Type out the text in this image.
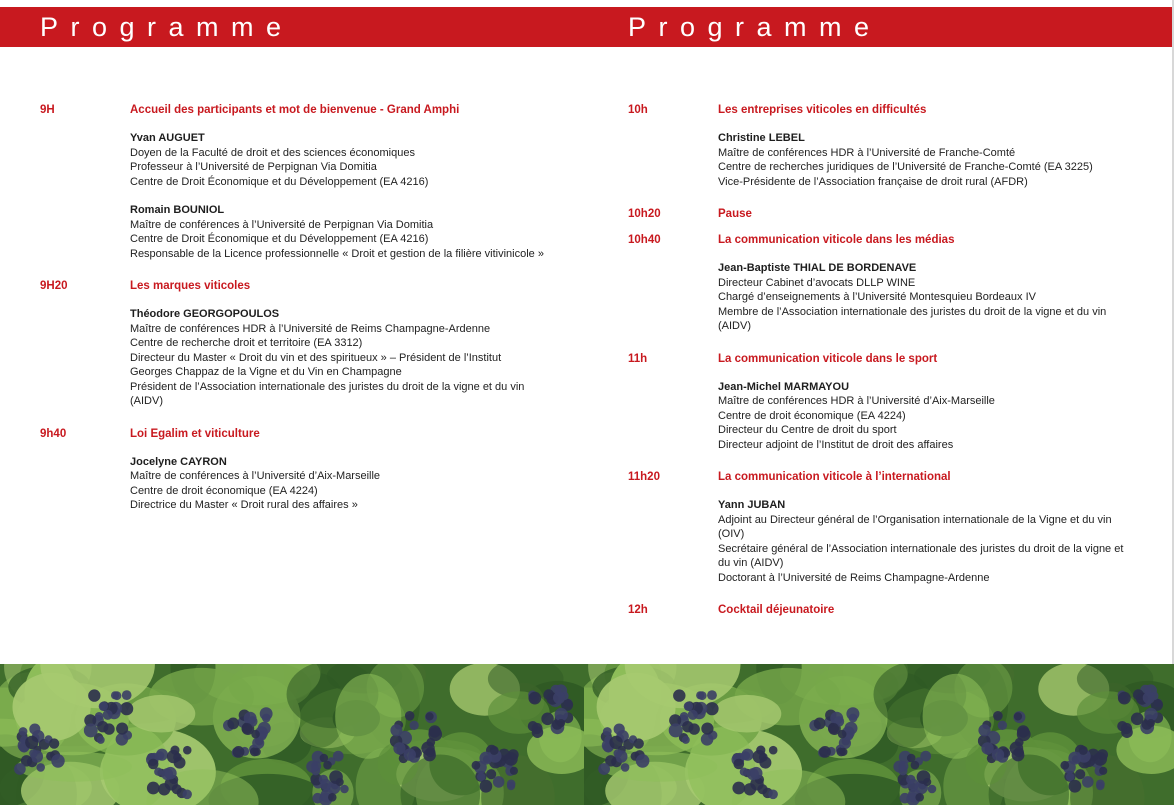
Programme
9H	Accueil des participants et mot de bienvenue - Grand Amphi
Yvan AUGUET
Doyen de la Faculté de droit et des sciences économiques
Professeur à l’Université de Perpignan Via Domitia
Centre de Droit Économique et du Développement (EA 4216)
Romain BOUNIOL
Maître de conférences à l’Université de Perpignan Via Domitia
Centre de Droit Économique et du Développement (EA 4216)
Responsable de la Licence professionnelle « Droit et gestion de la filière vitivinicole »
9H20	Les marques viticoles
Théodore GEORGOPOULOS
Maître de conférences HDR à l’Université de Reims Champagne-Ardenne
Centre de recherche droit et territoire (EA 3312)
Directeur du Master « Droit du vin et des spiritueux » – Président de l’Institut
Georges Chappaz de la Vigne et du Vin en Champagne
Président de l’Association internationale des juristes du droit de la vigne et du vin (AIDV)
9h40	Loi Egalim et viticulture
Jocelyne CAYRON
Maître de conférences à l’Université d’Aix-Marseille
Centre de droit économique (EA 4224)
Directrice du Master « Droit rural des affaires »
Programme
10h	Les entreprises viticoles en difficultés
Christine LEBEL
Maître de conférences HDR à l’Université de Franche-Comté
Centre de recherches juridiques de l’Université de Franche-Comté (EA 3225)
Vice-Présidente de l’Association française de droit rural (AFDR)
10h20	Pause
10h40	La communication viticole dans les médias
Jean-Baptiste THIAL DE BORDENAVE
Directeur Cabinet d’avocats DLLP WINE
Chargé d’enseignements à l’Université Montesquieu Bordeaux IV
Membre de l’Association internationale des juristes du droit de la vigne et du vin (AIDV)
11h	La communication viticole dans le sport
Jean-Michel MARMAYOU
Maître de conférences HDR à l’Université d’Aix-Marseille
Centre de droit économique (EA 4224)
Directeur du Centre de droit du sport
Directeur adjoint de l’Institut de droit des affaires
11h20	La communication viticole à l’international
Yann JUBAN
Adjoint au Directeur général de l’Organisation internationale de la Vigne et du vin (OIV)
Secrétaire général de l’Association internationale des juristes du droit de la vigne et du vin (AIDV)
Doctorant à l’Université de Reims Champagne-Ardenne
12h	Cocktail déjeunatoire
